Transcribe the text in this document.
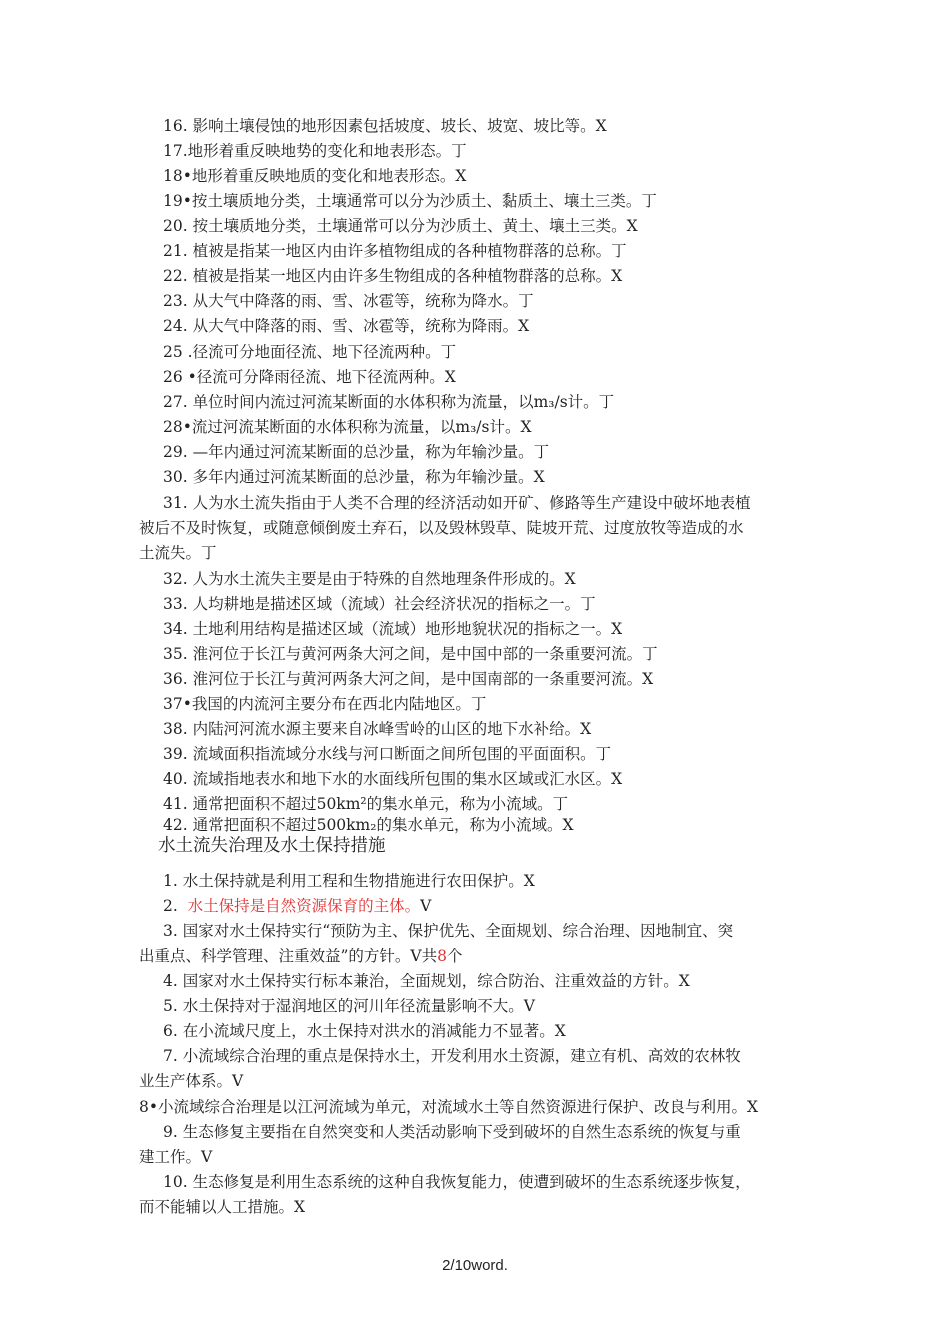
16. 影响土壤侵蚀的地形因素包括坡度、坡长、坡宽、坡比等。X
17.地形着重反映地势的变化和地表形态。丁
18•地形着重反映地质的变化和地表形态。X
19•按土壤质地分类，土壤通常可以分为沙质土、黏质土、壤土三类。丁
20. 按土壤质地分类，土壤通常可以分为沙质土、黄土、壤土三类。X
21. 植被是指某一地区内由许多植物组成的各种植物群落的总称。丁
22. 植被是指某一地区内由许多生物组成的各种植物群落的总称。X
23. 从大气中降落的雨、雪、冰雹等，统称为降水。丁
24. 从大气中降落的雨、雪、冰雹等，统称为降雨。X
25 .径流可分地面径流、地下径流两种。丁
26 •径流可分降雨径流、地下径流两种。X
27. 单位时间内流过河流某断面的水体积称为流量，以m₃/s计。丁
28•流过河流某断面的水体积称为流量，以m₃/s计。X
29. —年内通过河流某断面的总沙量，称为年输沙量。丁
30. 多年内通过河流某断面的总沙量，称为年输沙量。X
31. 人为水土流失指由于人类不合理的经济活动如开矿、修路等生产建设中破坏地表植
被后不及时恢复，或随意倾倒废土弃石，以及毁林毁草、陡坡开荒、过度放牧等造成的水
土流失。丁
32. 人为水土流失主要是由于特殊的自然地理条件形成的。X
33. 人均耕地是描述区域（流域）社会经济状况的指标之一。丁
34. 土地利用结构是描述区域（流域）地形地貌状况的指标之一。X
35. 淮河位于长江与黄河两条大河之间，是中国中部的一条重要河流。丁
36. 淮河位于长江与黄河两条大河之间，是中国南部的一条重要河流。X
37•我国的内流河主要分布在西北内陆地区。丁
38. 内陆河河流水源主要来自冰峰雪岭的山区的地下水补给。X
39. 流域面积指流域分水线与河口断面之间所包围的平面面积。丁
40. 流域指地表水和地下水的水面线所包围的集水区域或汇水区。X
41. 通常把面积不超过50km²的集水单元，称为小流域。丁
42. 通常把面积不超过500km₂的集水单元，称为小流域。X
水土流失治理及水土保持措施
1. 水土保持就是利用工程和生物措施进行农田保护。X
2.  水土保持是自然资源保育的主体。V
3. 国家对水土保持实行“预防为主、保护优先、全面规划、综合治理、因地制宜、突
出重点、科学管理、注重效益”的方针。V共8个
4. 国家对水土保持实行标本兼治，全面规划，综合防治、注重效益的方针。X
5. 水土保持对于湿润地区的河川年径流量影响不大。V
6. 在小流域尺度上，水土保持对洪水的消减能力不显著。X
7. 小流域综合治理的重点是保持水土，开发利用水土资源，建立有机、高效的农林牧
业生产体系。V
8•小流域综合治理是以江河流域为单元，对流域水土等自然资源进行保护、改良与利用。X
9. 生态修复主要指在自然突变和人类活动影响下受到破坏的自然生态系统的恢复与重
建工作。V
10. 生态修复是利用生态系统的这种自我恢复能力，使遭到破坏的生态系统逐步恢复，
而不能辅以人工措施。X
2/10word.
